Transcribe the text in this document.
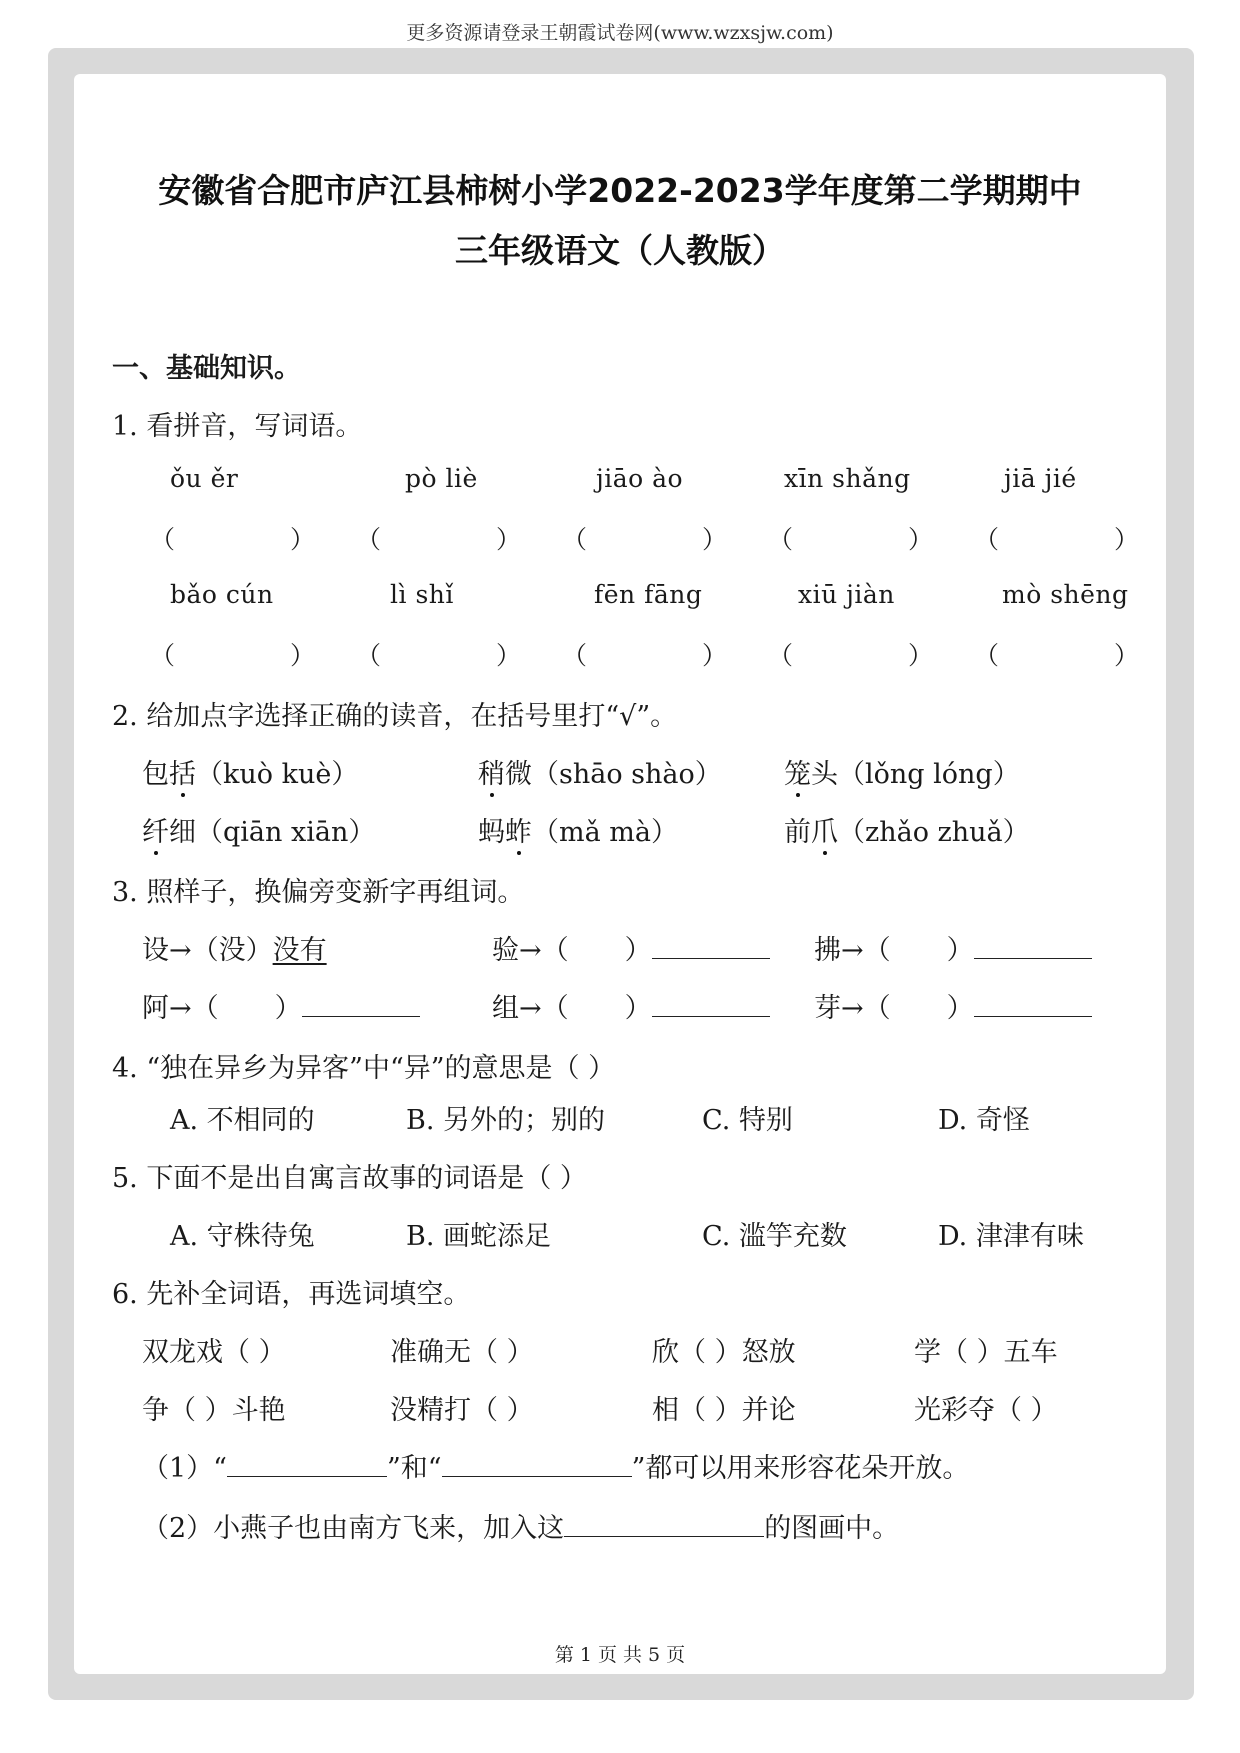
更多资源请登录王朝霞试卷网(www.wzxsjw.com)
安徽省合肥市庐江县柿树小学2022-2023学年度第二学期期中
三年级语文（人教版）
一、基础知识。
1. 看拼音，写词语。
ǒu ěr	pò liè	jiāo ào	xīn shǎng	jiā jié
（	） （	） （	） （	） （	）
bǎo cún	lì shǐ	fēn fāng	xiū jiàn	mò shēng
（	） （	） （	） （	） （	）
2. 给加点字选择正确的读音，在括号里打“√”。
包括（kuò kuè）	稍微（shāo shào） 笼头（lǒng lóng）
纤细（qiān xiān）	蚂蚱（mǎ mà）	前爪（zhǎo zhuǎ）
3. 照样子，换偏旁变新字再组词。
设→（没）没有	验→（ ）	拂→（ ）
阿→（ ）	组→（ ）	芽→（ ）
4. “独在异乡为异客”中“异”的意思是（ ）
A. 不相同的	B. 另外的；别的	C. 特别	D. 奇怪
5. 下面不是出自寓言故事的词语是（ ）
A. 守株待兔	B. 画蛇添足	C. 滥竽充数	D. 津津有味
6. 先补全词语，再选词填空。
双龙戏（ ）	准确无（ ）	欣（ ）怒放	学（ ）五车
争（ ）斗艳	没精打（ ）	相（ ）并论	光彩夺（ ）
（1）“	”和“	”都可以用来形容花朵开放。
（2）小燕子也由南方飞来，加入这	的图画中。
第 1 页 共 5 页
